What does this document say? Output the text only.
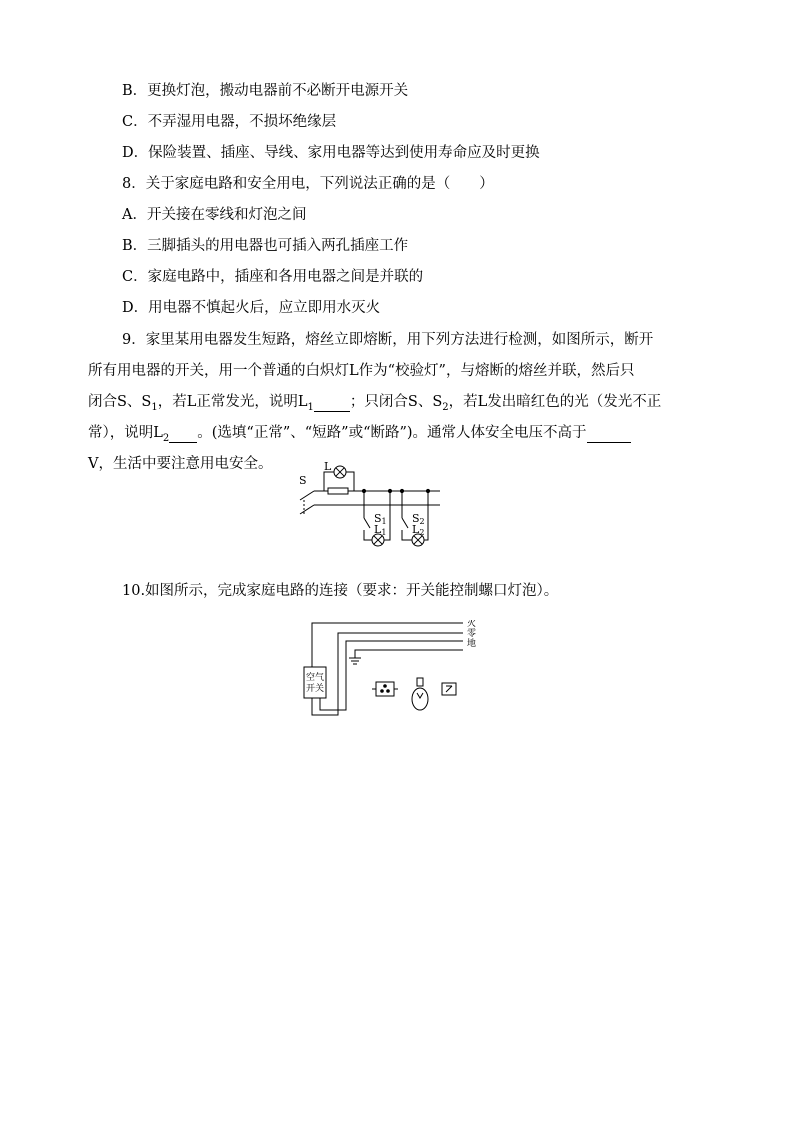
B．更换灯泡，搬动电器前不必断开电源开关
C．不弄湿用电器，不损坏绝缘层
D．保险装置、插座、导线、家用电器等达到使用寿命应及时更换
8．关于家庭电路和安全用电，下列说法正确的是（　　）
A．开关接在零线和灯泡之间
B．三脚插头的用电器也可插入两孔插座工作
C．家庭电路中，插座和各用电器之间是并联的
D．用电器不慎起火后，应立即用水灭火
9．家里某用电器发生短路，熔丝立即熔断，用下列方法进行检测，如图所示，断开
所有用电器的开关，用一个普通的白炽灯L作为“校验灯”，与熔断的熔丝并联，然后只
闭合S、$S_1$，若L正常发光，说明$L_1$ ；只闭合S、$S_2$，若L发出暗红色的光（发光不正
常），说明$L_2$ 。(选填“正常”、“短路”或“断路”)。通常人体安全电压不高于
V，生活中要注意用电安全。
S
L
S1
L1
S2
L2
10.如图所示，完成家庭电路的连接（要求：开关能控制螺口灯泡）。
火
零
地
空气
开关
